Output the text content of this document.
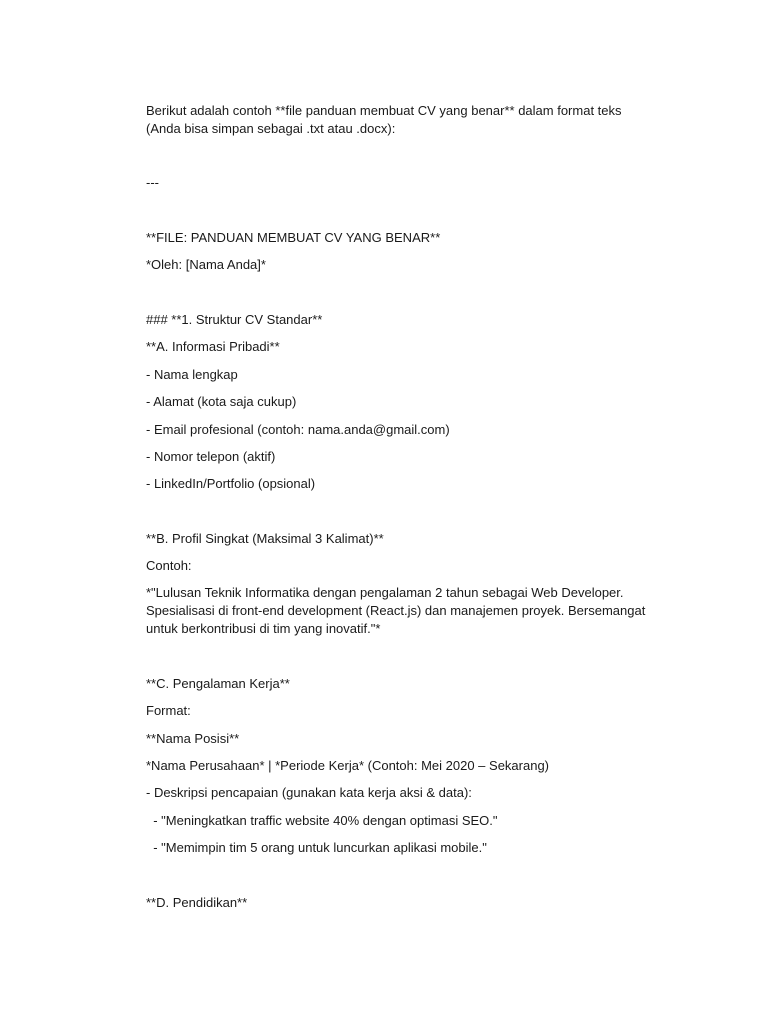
Berikut adalah contoh **file panduan membuat CV yang benar** dalam format teks
(Anda bisa simpan sebagai .txt atau .docx):
---
**FILE: PANDUAN MEMBUAT CV YANG BENAR**
*Oleh: [Nama Anda]*
### **1. Struktur CV Standar**
**A. Informasi Pribadi**
- Nama lengkap
- Alamat (kota saja cukup)
- Email profesional (contoh: nama.anda@gmail.com)
- Nomor telepon (aktif)
- LinkedIn/Portfolio (opsional)
**B. Profil Singkat (Maksimal 3 Kalimat)**
Contoh:
*"Lulusan Teknik Informatika dengan pengalaman 2 tahun sebagai Web Developer.
Spesialisasi di front-end development (React.js) dan manajemen proyek. Bersemangat
untuk berkontribusi di tim yang inovatif."*
**C. Pengalaman Kerja**
Format:
**Nama Posisi**
*Nama Perusahaan* | *Periode Kerja* (Contoh: Mei 2020 – Sekarang)
- Deskripsi pencapaian (gunakan kata kerja aksi & data):
- "Meningkatkan traffic website 40% dengan optimasi SEO."
- "Memimpin tim 5 orang untuk luncurkan aplikasi mobile."
**D. Pendidikan**
